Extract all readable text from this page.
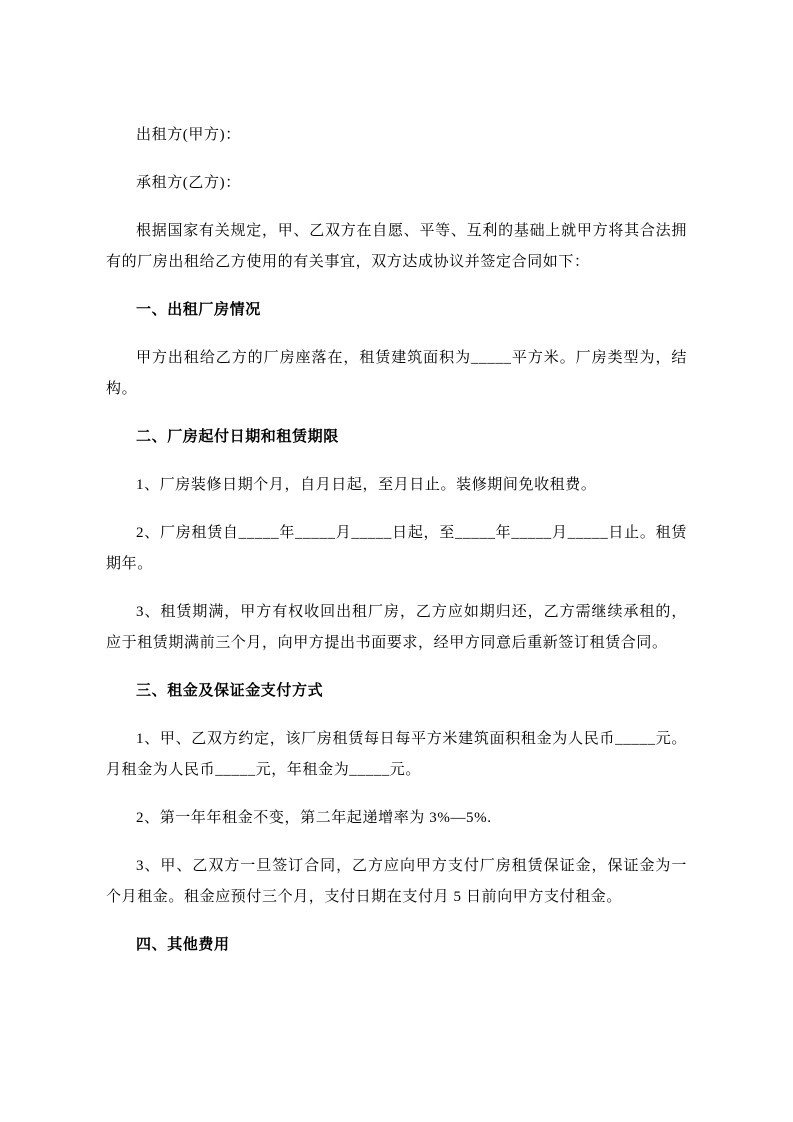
出租方(甲方)：

承租方(乙方)：

根据国家有关规定，甲、乙双方在自愿、平等、互利的基础上就甲方将其合法拥有的厂房出租给乙方使用的有关事宜，双方达成协议并签定合同如下：

一、出租厂房情况

甲方出租给乙方的厂房座落在，租赁建筑面积为_____平方米。厂房类型为，结构。

二、厂房起付日期和租赁期限

1、厂房装修日期个月，自月日起，至月日止。装修期间免收租费。

2、厂房租赁自_____年_____月_____日起，至_____年_____月_____日止。租赁期年。

3、租赁期满，甲方有权收回出租厂房，乙方应如期归还，乙方需继续承租的，应于租赁期满前三个月，向甲方提出书面要求，经甲方同意后重新签订租赁合同。

三、租金及保证金支付方式

1、甲、乙双方约定，该厂房租赁每日每平方米建筑面积租金为人民币_____元。月租金为人民币_____元，年租金为_____元。

2、第一年年租金不变，第二年起递增率为 3%—5%.

3、甲、乙双方一旦签订合同，乙方应向甲方支付厂房租赁保证金，保证金为一个月租金。租金应预付三个月，支付日期在支付月 5 日前向甲方支付租金。

四、其他费用
